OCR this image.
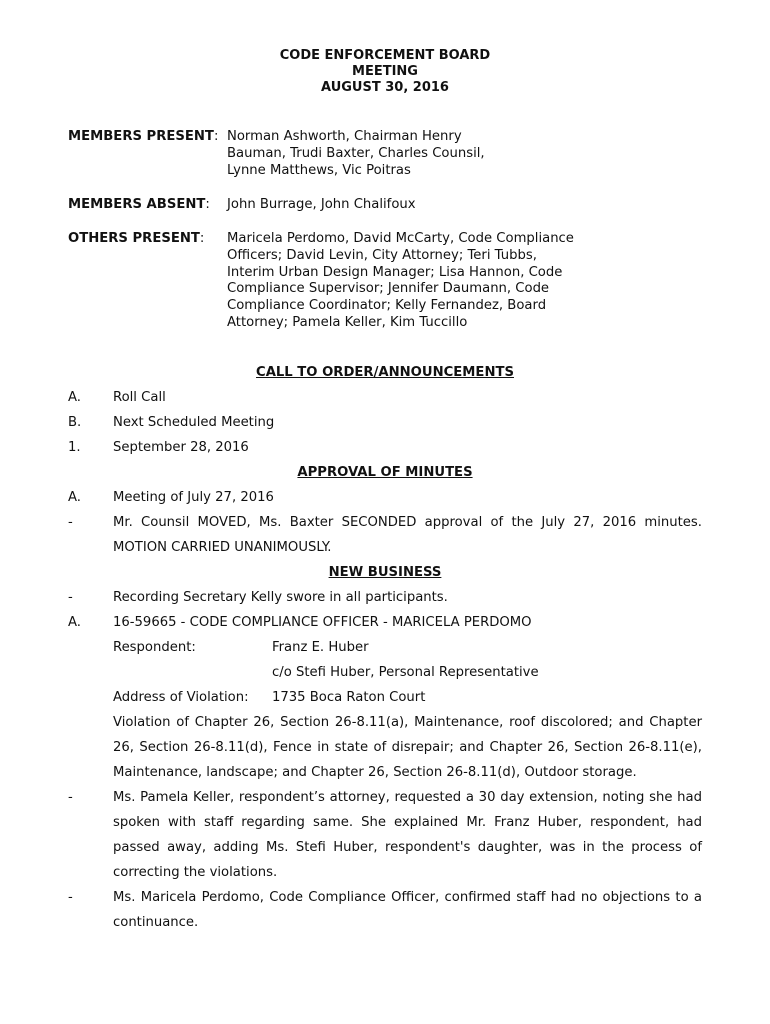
CODE ENFORCEMENT BOARD
MEETING
AUGUST 30, 2016
MEMBERS PRESENT: Norman Ashworth, Chairman Henry Bauman, Trudi Baxter, Charles Counsil, Lynne Matthews, Vic Poitras
MEMBERS ABSENT: John Burrage, John Chalifoux
OTHERS PRESENT: Maricela Perdomo, David McCarty, Code Compliance Officers; David Levin, City Attorney; Teri Tubbs, Interim Urban Design Manager; Lisa Hannon, Code Compliance Supervisor; Jennifer Daumann, Code Compliance Coordinator; Kelly Fernandez, Board Attorney; Pamela Keller, Kim Tuccillo
CALL TO ORDER/ANNOUNCEMENTS
A. Roll Call
B. Next Scheduled Meeting
1. September 28, 2016
APPROVAL OF MINUTES
A. Meeting of July 27, 2016
-	Mr. Counsil MOVED, Ms. Baxter SECONDED approval of the July 27, 2016 minutes. MOTION CARRIED UNANIMOUSLY.
NEW BUSINESS
-	Recording Secretary Kelly swore in all participants.
A. 16-59665 - CODE COMPLIANCE OFFICER - MARICELA PERDOMO
Respondent:	Franz E. Huber
c/o Stefi Huber, Personal Representative
Address of Violation: 1735 Boca Raton Court
Violation of Chapter 26, Section 26-8.11(a), Maintenance, roof discolored; and Chapter 26, Section 26-8.11(d), Fence in state of disrepair; and Chapter 26, Section 26-8.11(e), Maintenance, landscape; and Chapter 26, Section 26-8.11(d), Outdoor storage.
-	Ms. Pamela Keller, respondent’s attorney, requested a 30 day extension, noting she had spoken with staff regarding same. She explained Mr. Franz Huber, respondent, had passed away, adding Ms. Stefi Huber, respondent's daughter, was in the process of correcting the violations.
-	Ms. Maricela Perdomo, Code Compliance Officer, confirmed staff had no objections to a continuance.
